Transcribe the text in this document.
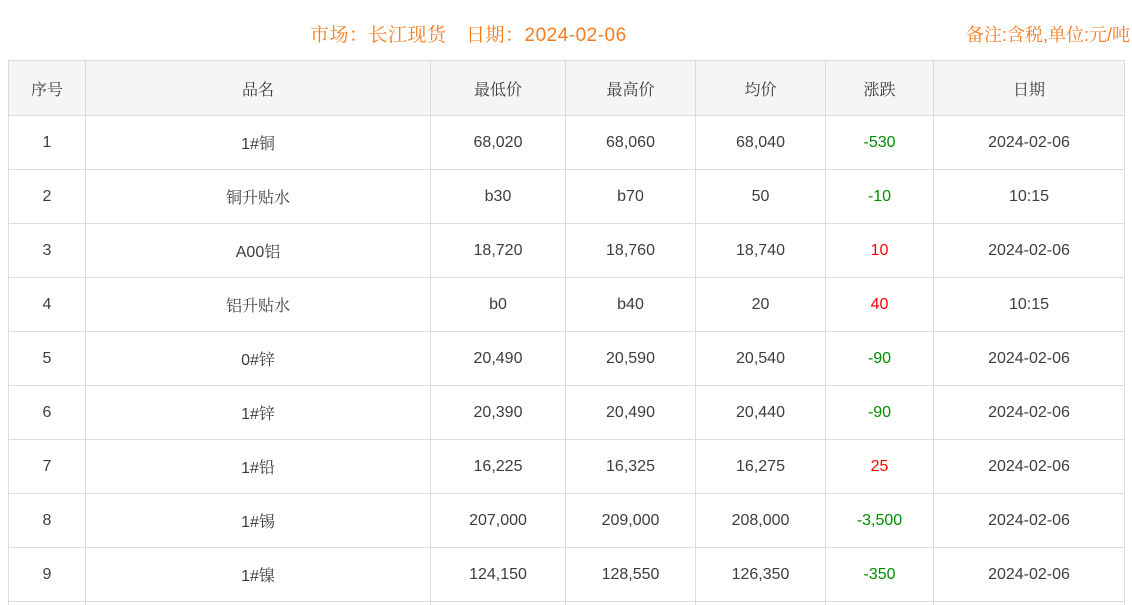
市场：长江现货　日期：2024-02-06	备注:含税,单位:元/吨
序号	品名	最低价	最高价	均价	涨跌	日期
1	1#铜	68,020	68,060	68,040	-530	2024-02-06
2	铜升贴水	b30	b70	50	-10	10:15
3	A00铝	18,720	18,760	18,740	10	2024-02-06
4	铝升贴水	b0	b40	20	40	10:15
5	0#锌	20,490	20,590	20,540	-90	2024-02-06
6	1#锌	20,390	20,490	20,440	-90	2024-02-06
7	1#铅	16,225	16,325	16,275	25	2024-02-06
8	1#锡	207,000	209,000	208,000	-3,500	2024-02-06
9	1#镍	124,150	128,550	126,350	-350	2024-02-06
